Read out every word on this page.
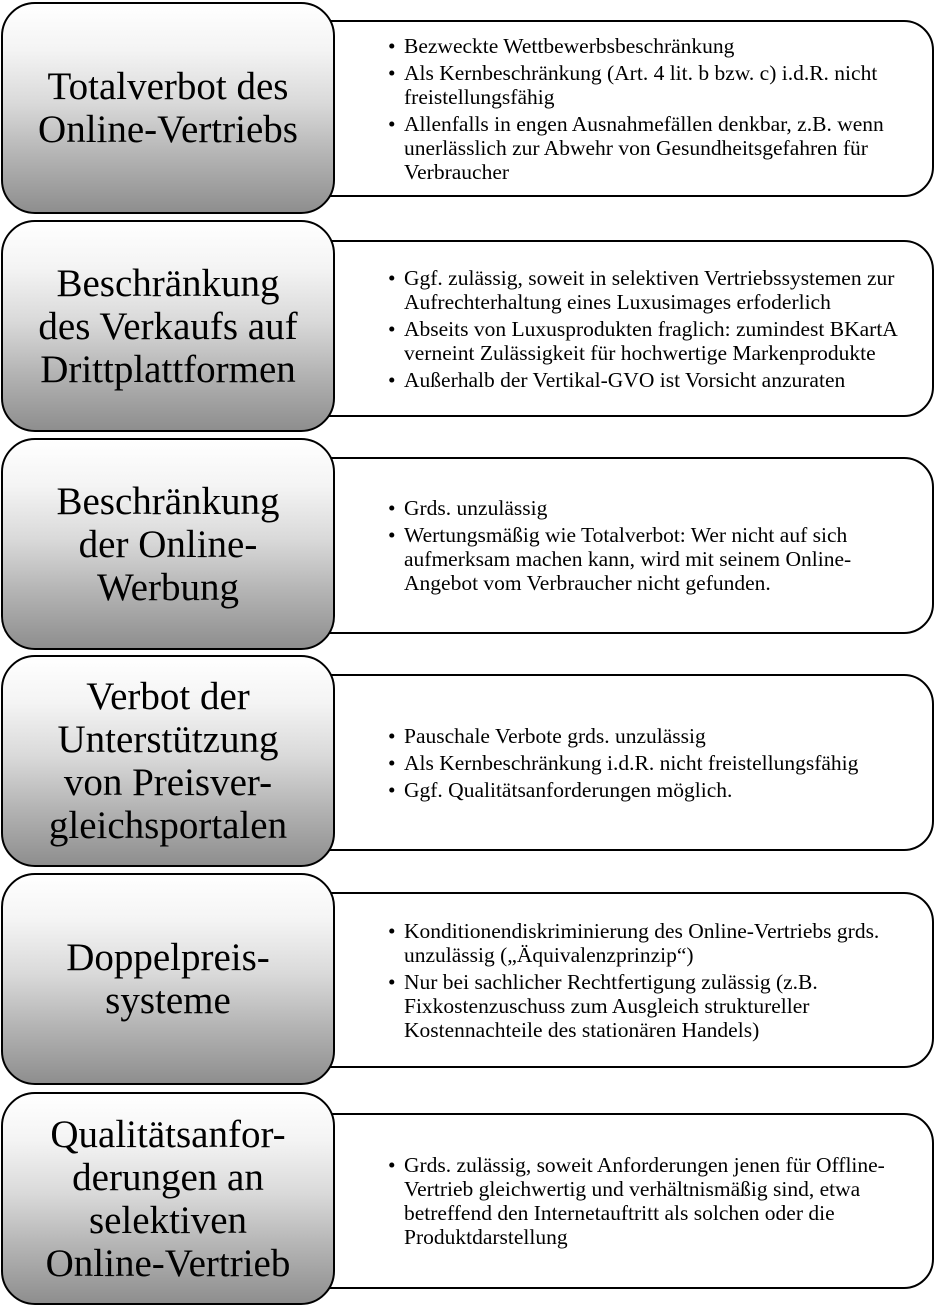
• Bezweckte Wettbewerbsbeschränkung
• Als Kernbeschränkung (Art. 4 lit. b bzw. c) i.d.R. nicht freistellungsfähig
• Allenfalls in engen Ausnahmefällen denkbar, z.B. wenn unerlässlich zur Abwehr von Gesundheitsgefahren für Verbraucher
Totalverbot des
Online-Vertriebs
• Ggf. zulässig, soweit in selektiven Vertriebssystemen zur Aufrechterhaltung eines Luxusimages erfoderlich
• Abseits von Luxusprodukten fraglich: zumindest BKartA verneint Zulässigkeit für hochwertige Markenprodukte
• Außerhalb der Vertikal-GVO ist Vorsicht anzuraten
Beschränkung
des Verkaufs auf
Drittplattformen
• Grds. unzulässig
• Wertungsmäßig wie Totalverbot: Wer nicht auf sich aufmerksam machen kann, wird mit seinem Online-Angebot vom Verbraucher nicht gefunden.
Beschränkung
der Online-
Werbung
• Pauschale Verbote grds. unzulässig
• Als Kernbeschränkung i.d.R. nicht freistellungsfähig
• Ggf. Qualitätsanforderungen möglich.
Verbot der
Unterstützung
von Preisver-
gleichsportalen
• Konditionendiskriminierung des Online-Vertriebs grds. unzulässig („Äquivalenzprinzip“)
• Nur bei sachlicher Rechtfertigung zulässig (z.B. Fixkostenzuschuss zum Ausgleich struktureller Kostennachteile des stationären Handels)
Doppelpreis-
systeme
• Grds. zulässig, soweit Anforderungen jenen für Offline-Vertrieb gleichwertig und verhältnismäßig sind, etwa betreffend den Internetauftritt als solchen oder die Produktdarstellung
Qualitätsanfor-
derungen an
selektiven
Online-Vertrieb
